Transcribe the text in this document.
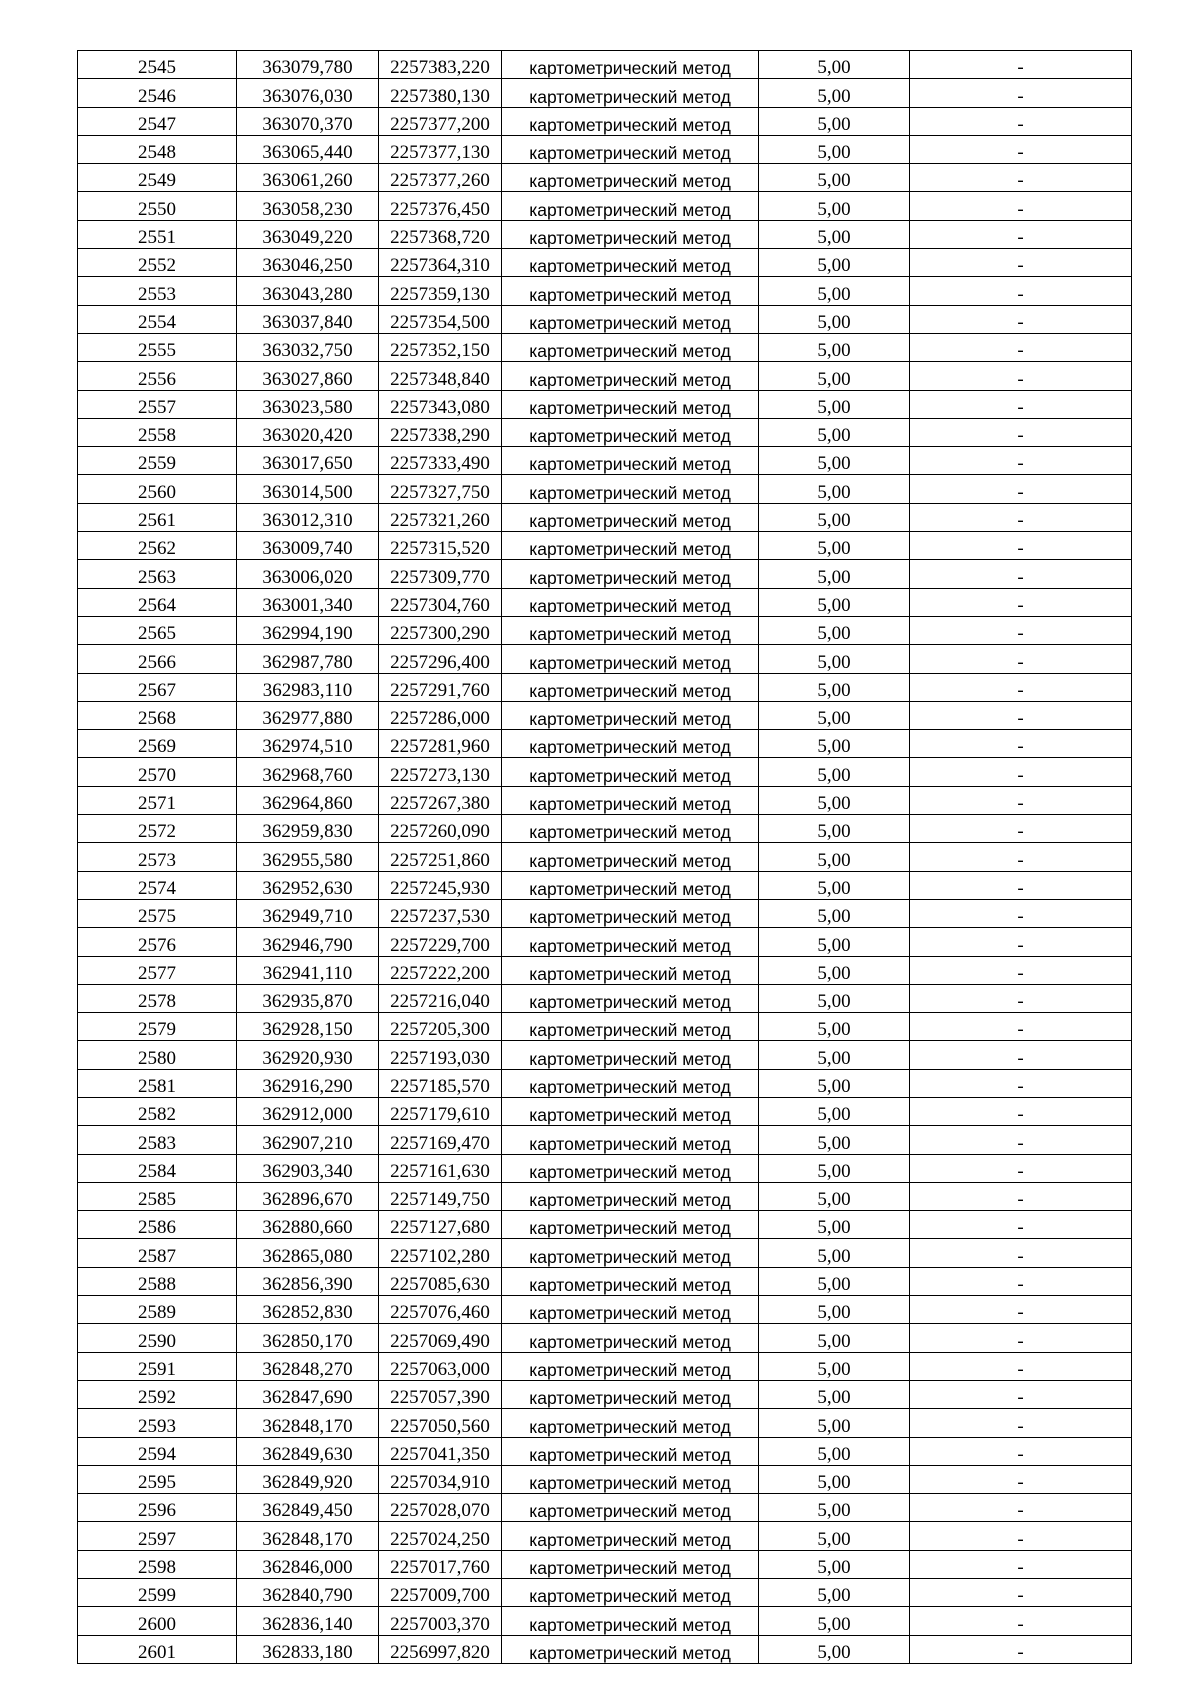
2545	363079,780	2257383,220	картометрический метод	5,00	-
2546	363076,030	2257380,130	картометрический метод	5,00	-
2547	363070,370	2257377,200	картометрический метод	5,00	-
2548	363065,440	2257377,130	картометрический метод	5,00	-
2549	363061,260	2257377,260	картометрический метод	5,00	-
2550	363058,230	2257376,450	картометрический метод	5,00	-
2551	363049,220	2257368,720	картометрический метод	5,00	-
2552	363046,250	2257364,310	картометрический метод	5,00	-
2553	363043,280	2257359,130	картометрический метод	5,00	-
2554	363037,840	2257354,500	картометрический метод	5,00	-
2555	363032,750	2257352,150	картометрический метод	5,00	-
2556	363027,860	2257348,840	картометрический метод	5,00	-
2557	363023,580	2257343,080	картометрический метод	5,00	-
2558	363020,420	2257338,290	картометрический метод	5,00	-
2559	363017,650	2257333,490	картометрический метод	5,00	-
2560	363014,500	2257327,750	картометрический метод	5,00	-
2561	363012,310	2257321,260	картометрический метод	5,00	-
2562	363009,740	2257315,520	картометрический метод	5,00	-
2563	363006,020	2257309,770	картометрический метод	5,00	-
2564	363001,340	2257304,760	картометрический метод	5,00	-
2565	362994,190	2257300,290	картометрический метод	5,00	-
2566	362987,780	2257296,400	картометрический метод	5,00	-
2567	362983,110	2257291,760	картометрический метод	5,00	-
2568	362977,880	2257286,000	картометрический метод	5,00	-
2569	362974,510	2257281,960	картометрический метод	5,00	-
2570	362968,760	2257273,130	картометрический метод	5,00	-
2571	362964,860	2257267,380	картометрический метод	5,00	-
2572	362959,830	2257260,090	картометрический метод	5,00	-
2573	362955,580	2257251,860	картометрический метод	5,00	-
2574	362952,630	2257245,930	картометрический метод	5,00	-
2575	362949,710	2257237,530	картометрический метод	5,00	-
2576	362946,790	2257229,700	картометрический метод	5,00	-
2577	362941,110	2257222,200	картометрический метод	5,00	-
2578	362935,870	2257216,040	картометрический метод	5,00	-
2579	362928,150	2257205,300	картометрический метод	5,00	-
2580	362920,930	2257193,030	картометрический метод	5,00	-
2581	362916,290	2257185,570	картометрический метод	5,00	-
2582	362912,000	2257179,610	картометрический метод	5,00	-
2583	362907,210	2257169,470	картометрический метод	5,00	-
2584	362903,340	2257161,630	картометрический метод	5,00	-
2585	362896,670	2257149,750	картометрический метод	5,00	-
2586	362880,660	2257127,680	картометрический метод	5,00	-
2587	362865,080	2257102,280	картометрический метод	5,00	-
2588	362856,390	2257085,630	картометрический метод	5,00	-
2589	362852,830	2257076,460	картометрический метод	5,00	-
2590	362850,170	2257069,490	картометрический метод	5,00	-
2591	362848,270	2257063,000	картометрический метод	5,00	-
2592	362847,690	2257057,390	картометрический метод	5,00	-
2593	362848,170	2257050,560	картометрический метод	5,00	-
2594	362849,630	2257041,350	картометрический метод	5,00	-
2595	362849,920	2257034,910	картометрический метод	5,00	-
2596	362849,450	2257028,070	картометрический метод	5,00	-
2597	362848,170	2257024,250	картометрический метод	5,00	-
2598	362846,000	2257017,760	картометрический метод	5,00	-
2599	362840,790	2257009,700	картометрический метод	5,00	-
2600	362836,140	2257003,370	картометрический метод	5,00	-
2601	362833,180	2256997,820	картометрический метод	5,00	-
